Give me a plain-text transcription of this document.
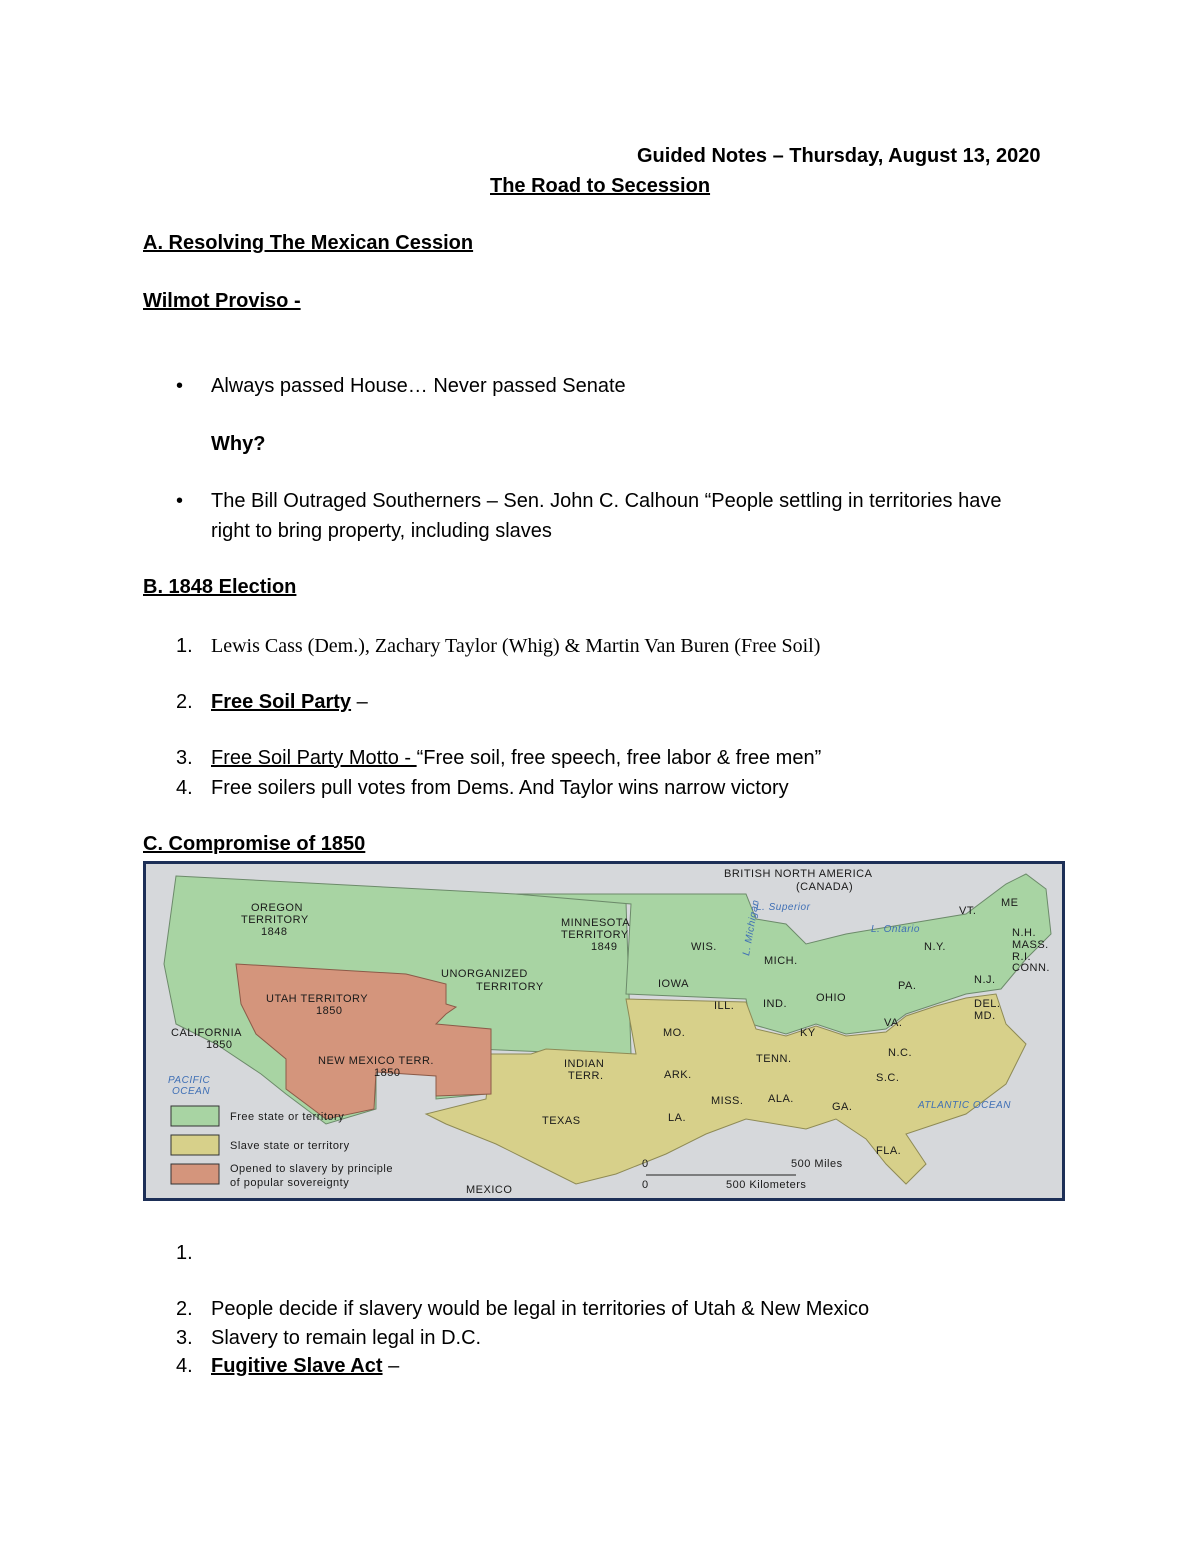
Guided Notes – Thursday, August 13, 2020
The Road to Secession
A. Resolving The Mexican Cession
Wilmot Proviso -
• Always passed House… Never passed Senate
Why?
• The Bill Outraged Southerners – Sen. John C. Calhoun “People settling in territories have
right to bring property, including slaves
B. 1848 Election
1. Lewis Cass (Dem.), Zachary Taylor (Whig) & Martin Van Buren (Free Soil)
2. Free Soil Party –
3. Free Soil Party Motto - “Free soil, free speech, free labor & free men”
4. Free soilers pull votes from Dems. And Taylor wins narrow victory
C. Compromise of 1850
Free state or territory
Slave state or territory
Opened to slavery by principle
of popular sovereignty
0
0
500 Miles
500 Kilometers
BRITISH NORTH AMERICA
(CANADA)
OREGON
TERRITORY
1848
MINNESOTA
TERRITORY
1849
UNORGANIZED
TERRITORY
UTAH TERRITORY
1850
CALIFORNIA
1850
NEW MEXICO TERR.
1850
INDIAN
TERR.
TEXAS
MEXICO
PACIFIC
OCEAN
ATLANTIC OCEAN
L. Superior
L. Ontario
L. Michigan
WIS.
IOWA
MICH.
ILL.	IND.	OHIO
PA.
N.Y.
VT.
ME
N.H.
MASS.
R.I.
CONN.
N.J.
DEL.
MD.
VA.
N.C.
S.C.
GA.
FLA.
ALA.
MISS.
LA.
ARK.
TENN.
KY
MO.
1.
2. People decide if slavery would be legal in territories of Utah & New Mexico
3. Slavery to remain legal in D.C.
4. Fugitive Slave Act –
